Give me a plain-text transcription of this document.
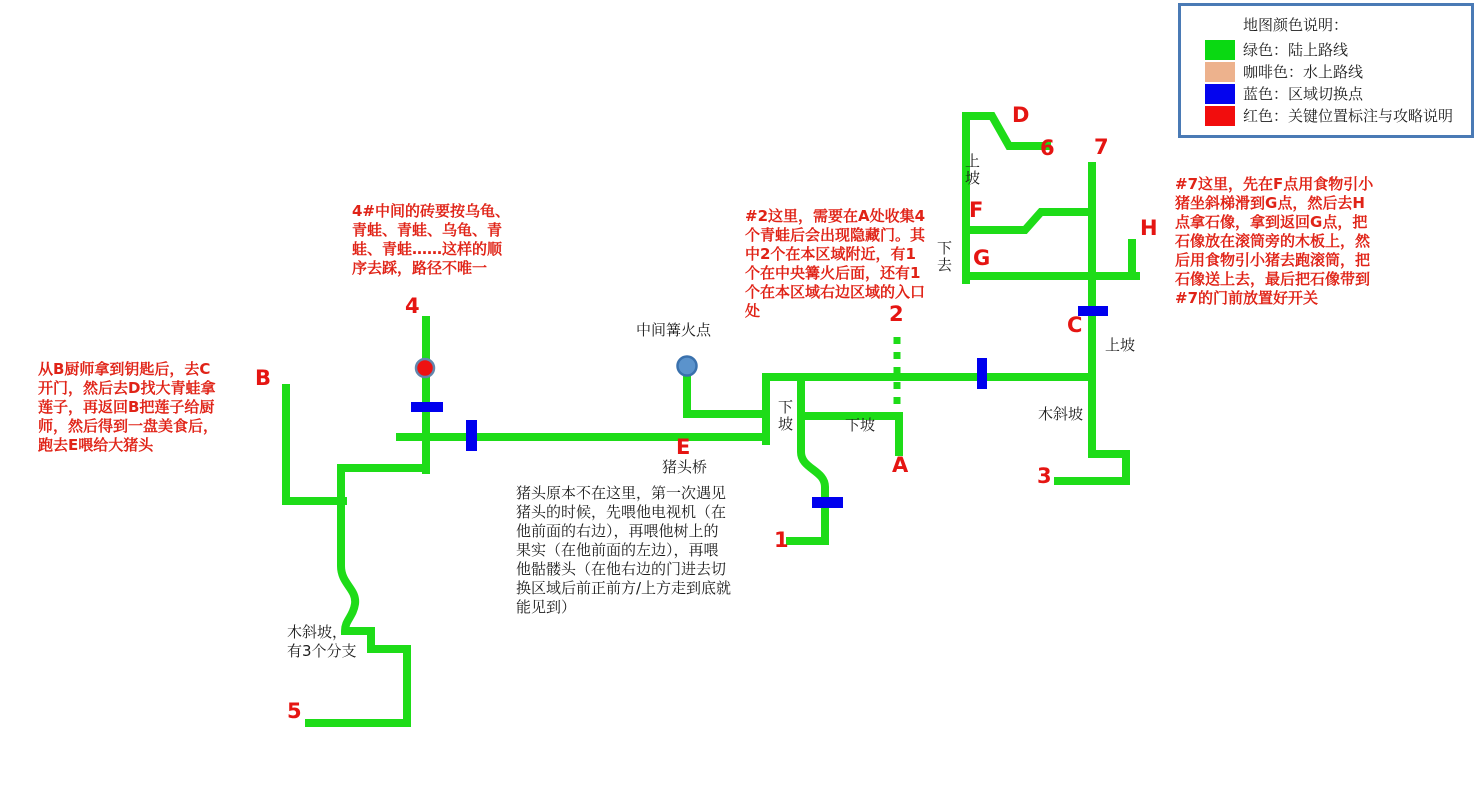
B
4
5
1
2
A
E
3
C
D
6 7
F
G
H
中间篝火点
猪头桥
下坡	下坡
上坡
下去
上坡
木斜坡
木斜坡，有3个分支
从B厨师拿到钥匙后，去C开门，然后去D找大青蛙拿莲子，再返回B把莲子给厨师，然后得到一盘美食后，跑去E喂给大猪头
4#中间的砖要按乌龟、青蛙、青蛙、乌龟、青蛙、青蛙……这样的顺序去踩，路径不唯一
#2这里，需要在A处收集4个青蛙后会出现隐藏门。其中2个在本区域附近，有1个在中央篝火后面，还有1个在本区域右边区域的入口处
#7这里，先在F点用食物引小猪坐斜梯滑到G点，然后去H点拿石像，拿到返回G点，把石像放在滚筒旁的木板上，然后用食物引小猪去跑滚筒，把石像送上去，最后把石像带到#7的门前放置好开关
猪头原本不在这里，第一次遇见猪头的时候，先喂他电视机（在他前面的右边），再喂他树上的果实（在他前面的左边），再喂他骷髅头（在他右边的门进去切换区域后前正前方/上方走到底就能见到）
地图颜色说明：
绿色：陆上路线
咖啡色：水上路线
蓝色：区域切换点
红色：关键位置标注与攻略说明
